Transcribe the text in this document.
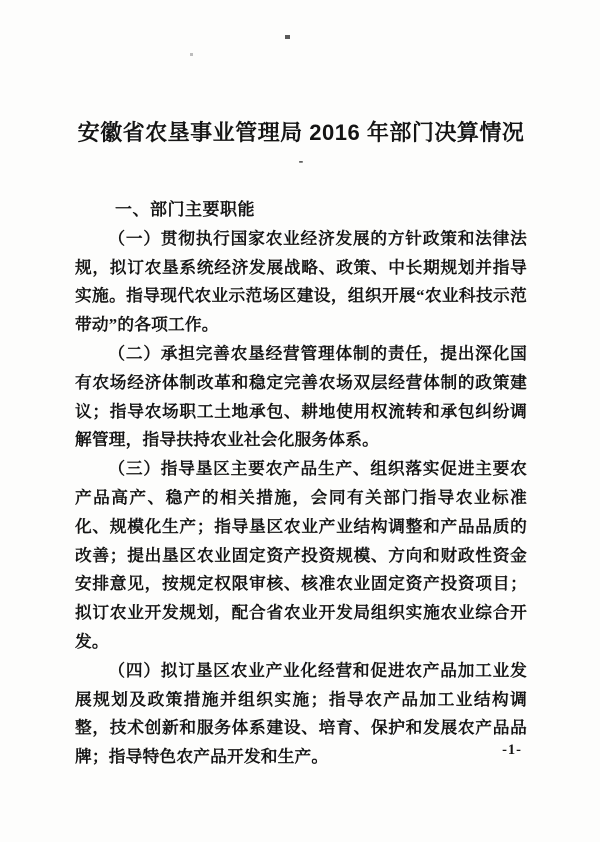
安徽省农垦事业管理局 2016 年部门决算情况
-
一、部门主要职能

（一）贯彻执行国家农业经济发展的方针政策和法律法规，拟订农垦系统经济发展战略、政策、中长期规划并指导实施。指导现代农业示范场区建设，组织开展“农业科技示范带动”的各项工作。

（二）承担完善农垦经营管理体制的责任，提出深化国有农场经济体制改革和稳定完善农场双层经营体制的政策建议；指导农场职工土地承包、耕地使用权流转和承包纠纷调解管理，指导扶持农业社会化服务体系。

（三）指导垦区主要农产品生产、组织落实促进主要农产品高产、稳产的相关措施，会同有关部门指导农业标准化、规模化生产；指导垦区农业产业结构调整和产品品质的改善；提出垦区农业固定资产投资规模、方向和财政性资金安排意见，按规定权限审核、核准农业固定资产投资项目；拟订农业开发规划，配合省农业开发局组织实施农业综合开发。

（四）拟订垦区农业产业化经营和促进农产品加工业发展规划及政策措施并组织实施；指导农产品加工业结构调整，技术创新和服务体系建设、培育、保护和发展农产品品牌；指导特色农产品开发和生产。	-1-
